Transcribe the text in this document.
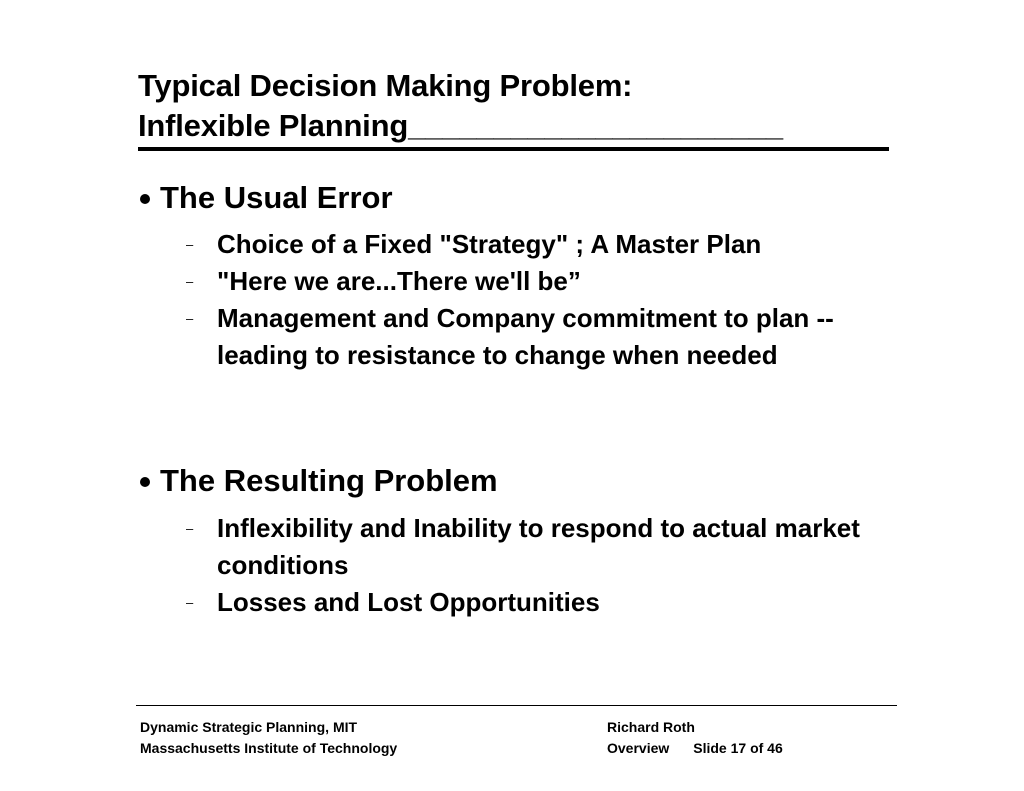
Typical Decision Making Problem:
Inflexible Planning______________________
The Usual Error
– Choice of a Fixed "Strategy" ; A Master Plan
– "Here we are...There we'll be”
– Management and Company commitment to plan -- leading to resistance to change when needed
The Resulting Problem
– Inflexibility and Inability to respond to actual market conditions
– Losses and Lost Opportunities
Dynamic Strategic Planning, MIT
Massachusetts Institute of Technology
Richard Roth
Overview Slide 17 of 46
